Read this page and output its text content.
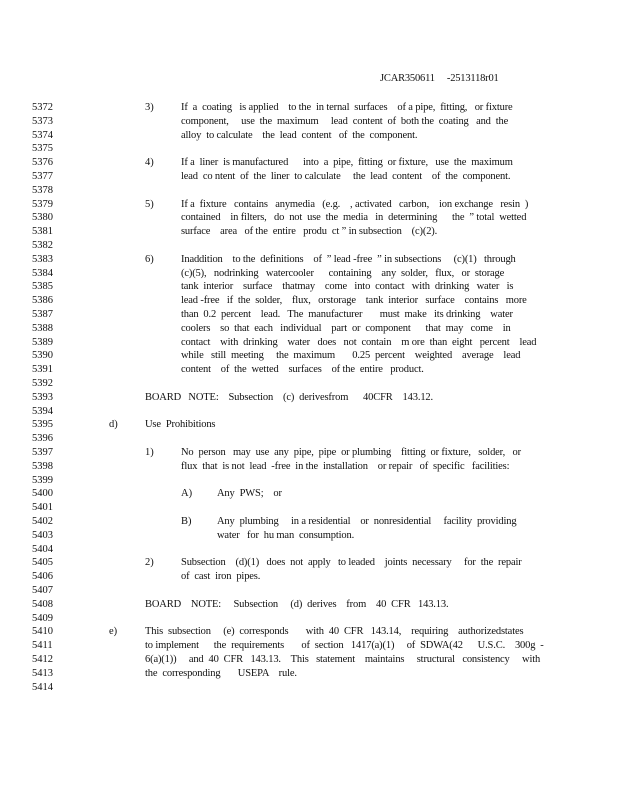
JCAR350611     -2513118r01
5372
5373
5374
5375
5376
5377
5378
5379
5380
5381
5382
5383
5384
5385
5386
5387
5388
5389
5390
5391
5392
5393
5394
5395
5396
5397
5398
5399
5400
5401
5402
5403
5404
5405
5406
5407
5408
5409
5410
5411
5412
5413
5414
3)	If  a  coating   is applied    to the  in ternal  surfaces    of a pipe,  fitting,   or fixture
component,     use  the  maximum     lead  content  of  both the  coating   and  the
alloy  to calculate    the  lead  content   of  the  component.
4)	If a  liner  is manufactured      into  a  pipe,  fitting  or fixture,   use  the  maximum
lead  co ntent  of  the  liner  to calculate     the  lead  content    of  the  component.
5)	If a  fixture   contains   anymedia   (e.g.    , activated   carbon,    ion exchange   resin  )
contained    in filters,   do  not  use  the  media   in  determining      the  ” total  wetted
surface    area   of the  entire   produ  ct ” in subsection    (c)(2).
6)	Inaddition    to the  definitions    of  ” lead -free  ” in subsections     (c)(1)   through
(c)(5),   nodrinking   watercooler      containing    any  solder,   flux,   or  storage
tank  interior    surface    thatmay    come   into  contact   with  drinking   water   is
lead -free   if  the  solder,    flux,   orstorage    tank  interior   surface    contains   more
than  0.2  percent    lead.   The  manufacturer       must  make   its drinking    water
coolers    so  that  each   individual    part  or  component      that  may   come    in
contact    with  drinking    water   does   not  contain    m ore  than  eight   percent    lead
while   still  meeting     the  maximum       0.25  percent    weighted    average    lead
content    of  the  wetted    surfaces    of the  entire   product.
BOARD   NOTE:    Subsection    (c)  derivesfrom      40CFR    143.12.
d)	Use  Prohibitions
1)	No  person   may  use  any  pipe,  pipe  or plumbing    fitting  or fixture,   solder,   or
flux  that  is not  lead  -free  in the  installation    or repair   of  specific   facilities:
A) Any  PWS;    or
B) Any  plumbing     in a residential    or  nonresidential     facility  providing
water   for  hu man  consumption.
2)	Subsection    (d)(1)   does  not  apply   to leaded    joints  necessary     for  the  repair
of  cast  iron  pipes.
BOARD    NOTE:     Subsection     (d)  derives    from    40  CFR   143.13.
e)	This  subsection     (e)  corresponds       with  40  CFR   143.14,    requiring    authorizedstates
to implement      the  requirements       of  section   1417(a)(1)     of  SDWA(42      U.S.C.    300g  -
6(a)(1))     and  40  CFR   143.13.    This   statement    maintains     structural   consistency     with
the  corresponding       USEPA    rule.
